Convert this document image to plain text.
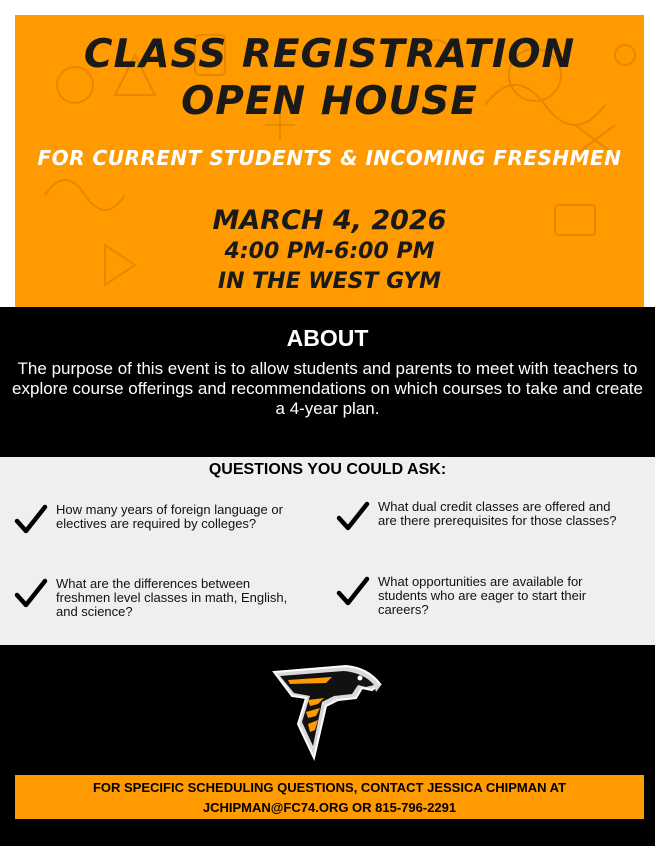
CLASS REGISTRATION
OPEN HOUSE
FOR CURRENT STUDENTS & INCOMING FRESHMEN
MARCH 4, 2026
4:00 PM-6:00 PM
IN THE WEST GYM
ABOUT
The purpose of this event is to allow students and parents to meet with teachers to explore course offerings and recommendations on which courses to take and create a 4-year plan.
QUESTIONS YOU COULD ASK:
How many years of foreign language or electives are required by colleges?
What dual credit classes are offered and are there prerequisites for those classes?
What are the differences between freshmen level classes in math, English, and science?
What opportunities are available for students who are eager to start their careers?
FOR SPECIFIC SCHEDULING QUESTIONS, CONTACT JESSICA CHIPMAN AT
JCHIPMAN@FC74.ORG OR 815-796-2291
